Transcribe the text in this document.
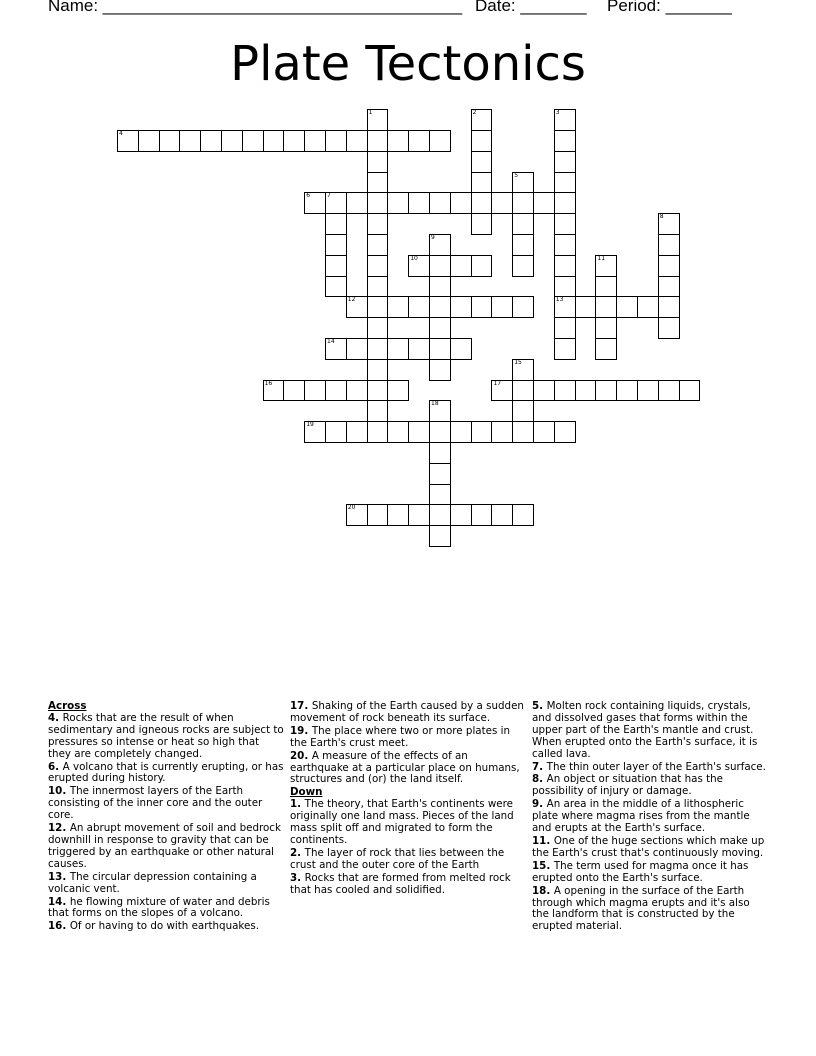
Name: ______________________________________ Date: _______ Period: _______
Plate Tectonics
4
1	2	3
13
5
6	7
8
9
10	11
12
14
15
16	17
18
19
20
Across
4. Rocks that are the result of when sedimentary and igneous rocks are subject to pressures so intense or heat so high that they are completely changed.
6. A volcano that is currently erupting, or has erupted during history.
10. The innermost layers of the Earth consisting of the inner core and the outer core.
12. An abrupt movement of soil and bedrock downhill in response to gravity that can be triggered by an earthquake or other natural causes.
13. The circular depression containing a volcanic vent.
14. he flowing mixture of water and debris that forms on the slopes of a volcano.
16. Of or having to do with earthquakes.
17. Shaking of the Earth caused by a sudden movement of rock beneath its surface.
19. The place where two or more plates in the Earth's crust meet.
20. A measure of the effects of an earthquake at a particular place on humans, structures and (or) the land itself.
Down
1. The theory, that Earth's continents were originally one land mass. Pieces of the land mass split off and migrated to form the continents.
2. The layer of rock that lies between the crust and the outer core of the Earth
3. Rocks that are formed from melted rock that has cooled and solidified.
5. Molten rock containing liquids, crystals, and dissolved gases that forms within the upper part of the Earth's mantle and crust. When erupted onto the Earth's surface, it is called lava.
7. The thin outer layer of the Earth's surface.
8. An object or situation that has the possibility of injury or damage.
9. An area in the middle of a lithospheric plate where magma rises from the mantle and erupts at the Earth's surface.
11. One of the huge sections which make up the Earth's crust that's continuously moving.
15. The term used for magma once it has erupted onto the Earth's surface.
18. A opening in the surface of the Earth through which magma erupts and it's also the landform that is constructed by the erupted material.
